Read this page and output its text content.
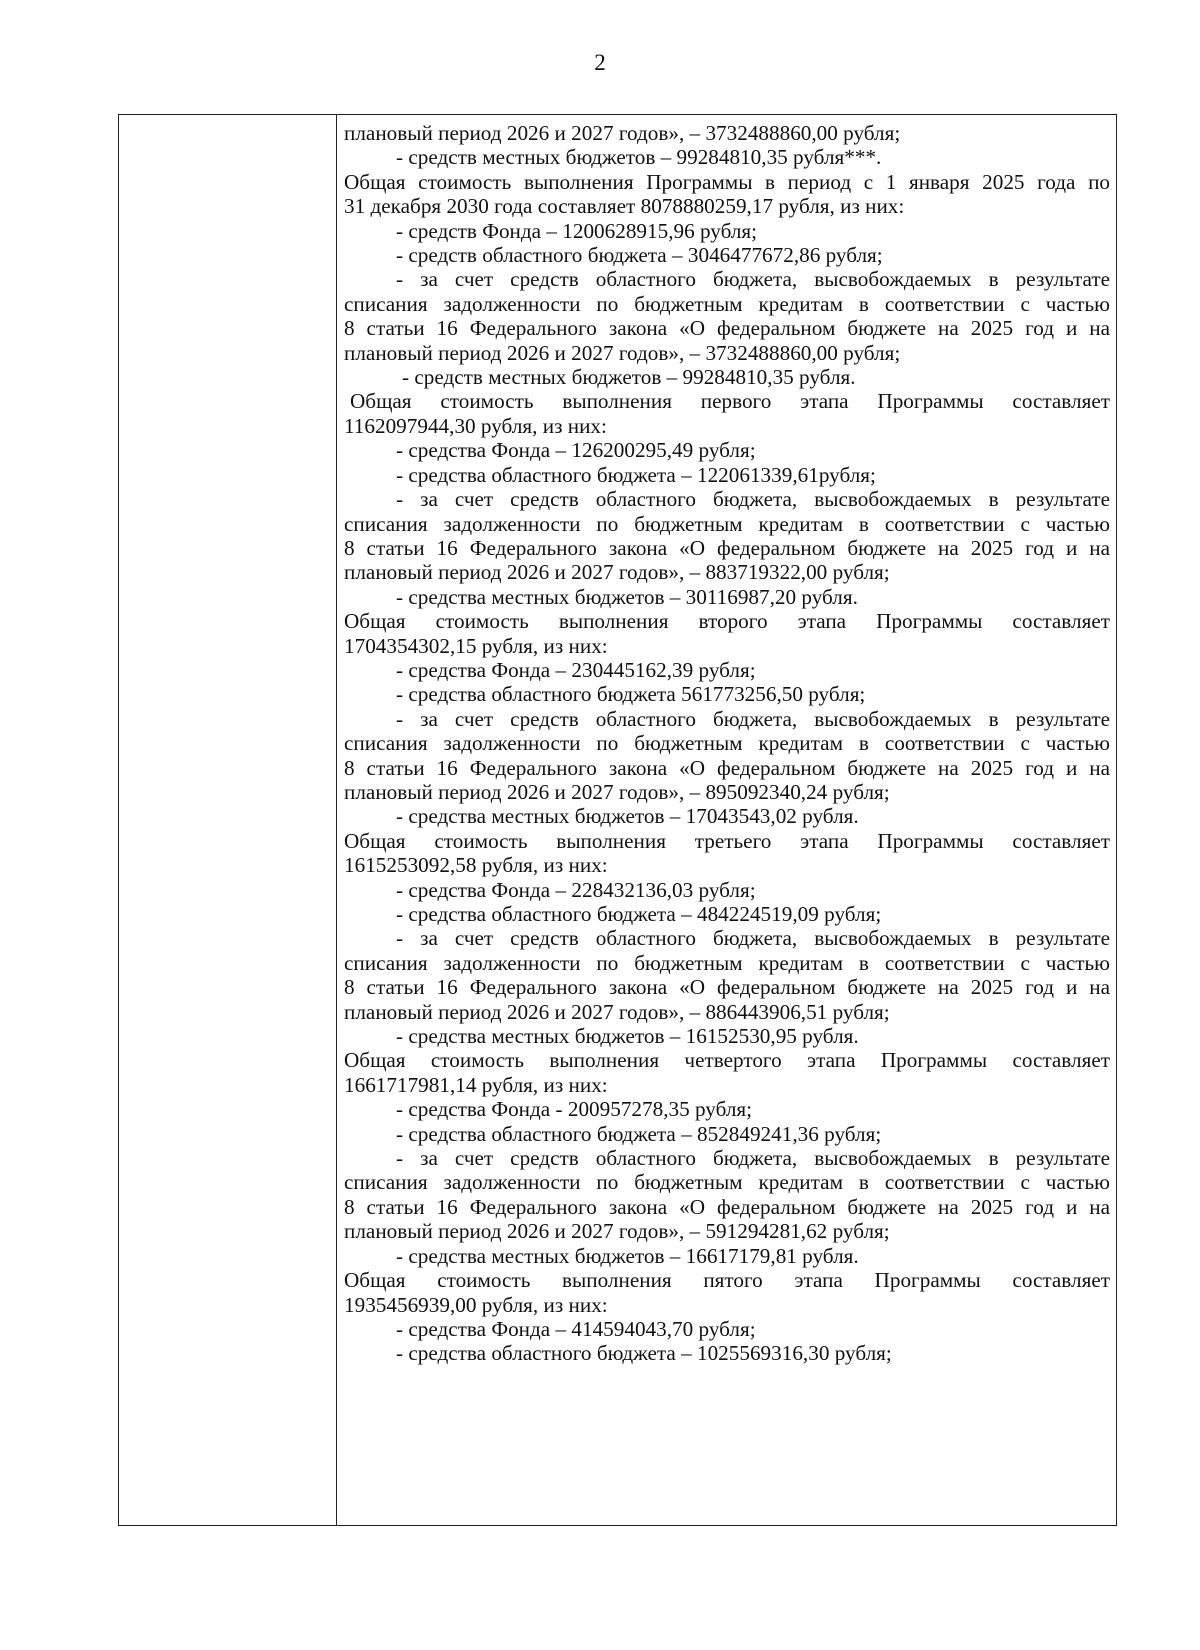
2
плановый период 2026 и 2027 годов», – 3732488860,00 рубля;
- средств местных бюджетов – 99284810,35 рубля***.
Общая стоимость выполнения Программы в период с 1 января 2025 года по
31 декабря 2030 года составляет 8078880259,17 рубля, из них:
- средств Фонда – 1200628915,96 рубля;
- средств областного бюджета – 3046477672,86 рубля;
- за счет средств областного бюджета, высвобождаемых в результате
списания задолженности по бюджетным кредитам в соответствии с частью
8 статьи 16 Федерального закона «О федеральном бюджете на 2025 год и на
плановый период 2026 и 2027 годов», – 3732488860,00 рубля;
- средств местных бюджетов – 99284810,35 рубля.
Общая стоимость выполнения первого этапа Программы составляет
1162097944,30 рубля, из них:
- средства Фонда – 126200295,49 рубля;
- средства областного бюджета – 122061339,61рубля;
- за счет средств областного бюджета, высвобождаемых в результате
списания задолженности по бюджетным кредитам в соответствии с частью
8 статьи 16 Федерального закона «О федеральном бюджете на 2025 год и на
плановый период 2026 и 2027 годов», – 883719322,00 рубля;
- средства местных бюджетов – 30116987,20 рубля.
Общая стоимость выполнения второго этапа Программы составляет
1704354302,15 рубля, из них:
- средства Фонда – 230445162,39 рубля;
- средства областного бюджета 561773256,50 рубля;
- за счет средств областного бюджета, высвобождаемых в результате
списания задолженности по бюджетным кредитам в соответствии с частью
8 статьи 16 Федерального закона «О федеральном бюджете на 2025 год и на
плановый период 2026 и 2027 годов», – 895092340,24 рубля;
- средства местных бюджетов – 17043543,02 рубля.
Общая стоимость выполнения третьего этапа Программы составляет
1615253092,58 рубля, из них:
- средства Фонда – 228432136,03 рубля;
- средства областного бюджета – 484224519,09 рубля;
- за счет средств областного бюджета, высвобождаемых в результате
списания задолженности по бюджетным кредитам в соответствии с частью
8 статьи 16 Федерального закона «О федеральном бюджете на 2025 год и на
плановый период 2026 и 2027 годов», – 886443906,51 рубля;
- средства местных бюджетов – 16152530,95 рубля.
Общая стоимость выполнения четвертого этапа Программы составляет
1661717981,14 рубля, из них:
- средства Фонда - 200957278,35 рубля;
- средства областного бюджета – 852849241,36 рубля;
- за счет средств областного бюджета, высвобождаемых в результате
списания задолженности по бюджетным кредитам в соответствии с частью
8 статьи 16 Федерального закона «О федеральном бюджете на 2025 год и на
плановый период 2026 и 2027 годов», – 591294281,62 рубля;
- средства местных бюджетов – 16617179,81 рубля.
Общая стоимость выполнения пятого этапа Программы составляет
1935456939,00 рубля, из них:
- средства Фонда – 414594043,70 рубля;
- средства областного бюджета – 1025569316,30 рубля;
